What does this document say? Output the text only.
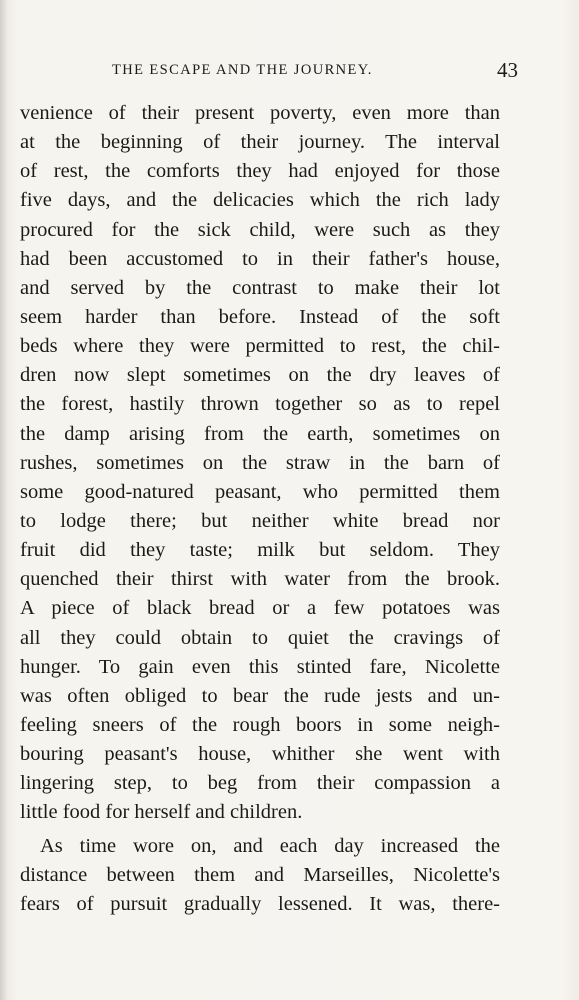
THE ESCAPE AND THE JOURNEY.	43
venience of their present poverty, even more than
at the beginning of their journey. The interval
of rest, the comforts they had enjoyed for those
five days, and the delicacies which the rich lady
procured for the sick child, were such as they
had been accustomed to in their father's house,
and served by the contrast to make their lot
seem harder than before. Instead of the soft
beds where they were permitted to rest, the chil-
dren now slept sometimes on the dry leaves of
the forest, hastily thrown together so as to repel
the damp arising from the earth, sometimes on
rushes, sometimes on the straw in the barn of
some good-natured peasant, who permitted them
to lodge there; but neither white bread nor
fruit did they taste; milk but seldom. They
quenched their thirst with water from the brook.
A piece of black bread or a few potatoes was
all they could obtain to quiet the cravings of
hunger. To gain even this stinted fare, Nicolette
was often obliged to bear the rude jests and un-
feeling sneers of the rough boors in some neigh-
bouring peasant's house, whither she went with
lingering step, to beg from their compassion a
little food for herself and children.
As time wore on, and each day increased the
distance between them and Marseilles, Nicolette's
fears of pursuit gradually lessened. It was, there-
